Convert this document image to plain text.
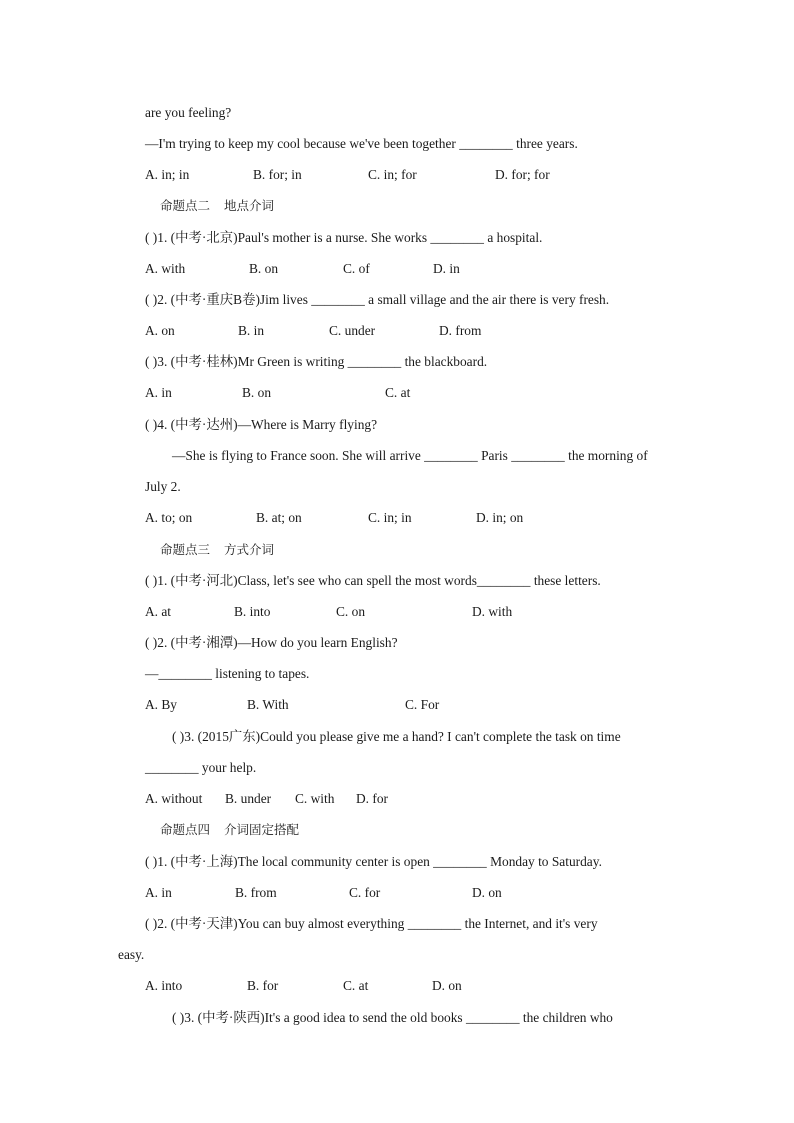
are you feeling?
—I'm trying to keep my cool because we've been together ________ three years.
A. in; in	B. for; in	C. in; for	D. for; for
命题点二 地点介词
( )1. (中考·北京)Paul's mother is a nurse. She works ________ a hospital.
A. with	B. on	C. of	D. in
( )2. (中考·重庆B卷)Jim lives ________ a small village and the air there is very fresh.
A. on	B. in	C. under	D. from
( )3. (中考·桂林)Mr Green is writing ________ the blackboard.
A. in	B. on	C. at
( )4. (中考·达州)—Where is Marry flying?
—She is flying to France soon. She will arrive ________ Paris ________ the morning of
July 2.
A. to; on	B. at; on	C. in; in	D. in; on
命题点三 方式介词
( )1. (中考·河北)Class, let's see who can spell the most words________ these letters.
A. at	B. into	C. on	D. with
( )2. (中考·湘潭)—How do you learn English?
—________ listening to tapes.
A. By	B. With	C. For
( )3. (2015广东)Could you please give me a hand? I can't complete the task on time
________ your help.
A. without B. under C. with D. for
命题点四 介词固定搭配
( )1. (中考·上海)The local community center is open ________ Monday to Saturday.
A. in	B. from	C. for	D. on
( )2. (中考·天津)You can buy almost everything ________ the Internet, and it's very
easy.
A. into	B. for	C. at	D. on
( )3. (中考·陕西)It's a good idea to send the old books ________ the children who
